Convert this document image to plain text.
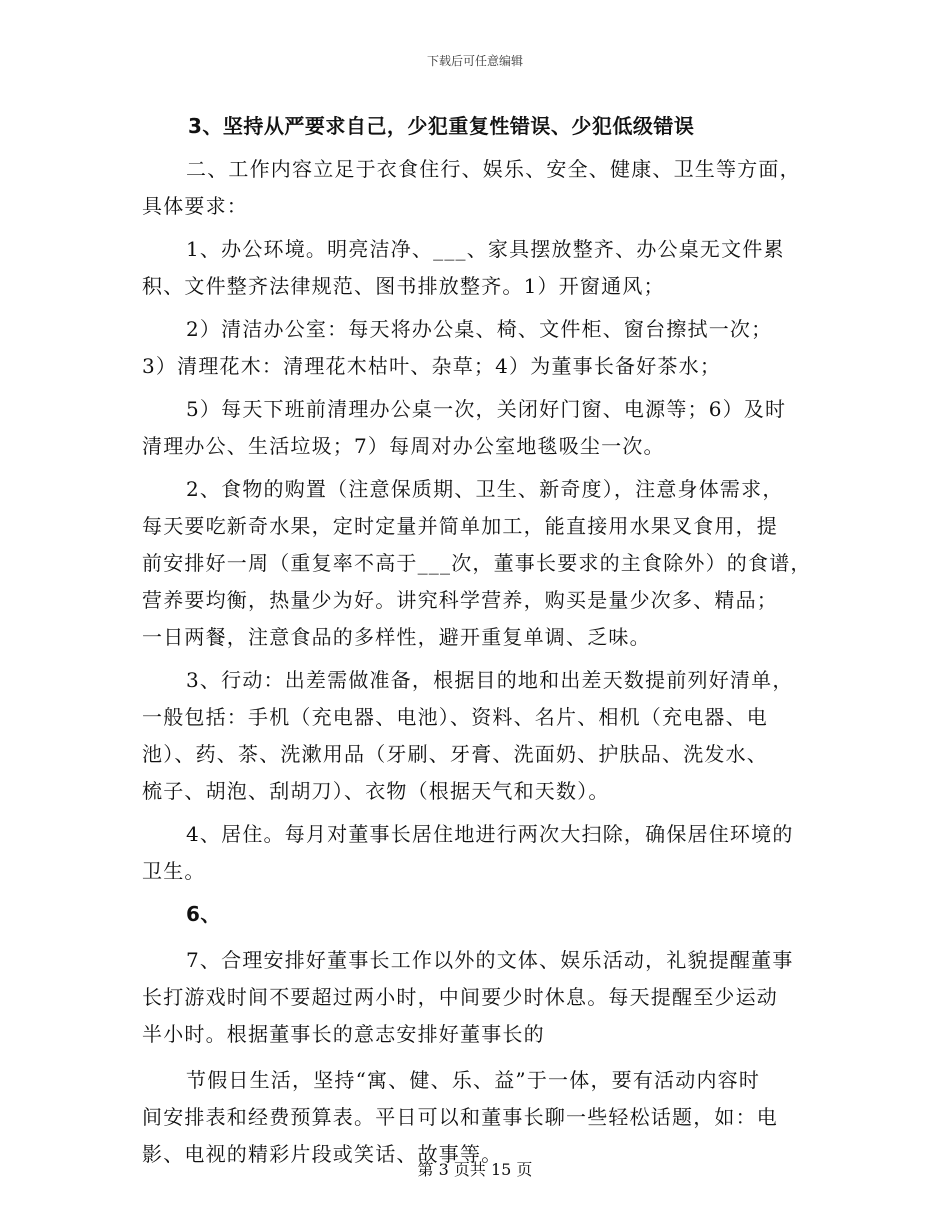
下载后可任意编辑
3、坚持从严要求自己，少犯重复性错误、少犯低级错误
二、工作内容立足于衣食住行、娱乐、安全、健康、卫生等方面，
具体要求：
1、办公环境。明亮洁净、___、家具摆放整齐、办公桌无文件累
积、文件整齐法律规范、图书排放整齐。1）开窗通风；
2）清洁办公室：每天将办公桌、椅、文件柜、窗台擦拭一次；
3）清理花木：清理花木枯叶、杂草；4）为董事长备好茶水；
5）每天下班前清理办公桌一次，关闭好门窗、电源等；6）及时
清理办公、生活垃圾；7）每周对办公室地毯吸尘一次。
2、食物的购置（注意保质期、卫生、新奇度），注意身体需求，
每天要吃新奇水果，定时定量并简单加工，能直接用水果叉食用，提
前安排好一周（重复率不高于___次，董事长要求的主食除外）的食谱，
营养要均衡，热量少为好。讲究科学营养，购买是量少次多、精品；
一日两餐，注意食品的多样性，避开重复单调、乏味。
3、行动：出差需做准备，根据目的地和出差天数提前列好清单，
一般包括：手机（充电器、电池）、资料、名片、相机（充电器、电
池）、药、茶、洗漱用品（牙刷、牙膏、洗面奶、护肤品、洗发水、
梳子、胡泡、刮胡刀）、衣物（根据天气和天数）。
4、居住。每月对董事长居住地进行两次大扫除，确保居住环境的
卫生。
6、
7、合理安排好董事长工作以外的文体、娱乐活动，礼貌提醒董事
长打游戏时间不要超过两小时，中间要少时休息。每天提醒至少运动
半小时。根据董事长的意志安排好董事长的
节假日生活，坚持“寓、健、乐、益”于一体，要有活动内容时
间安排表和经费预算表。平日可以和董事长聊一些轻松话题，如：电
影、电视的精彩片段或笑话、故事等。
第 3 页共 15 页
